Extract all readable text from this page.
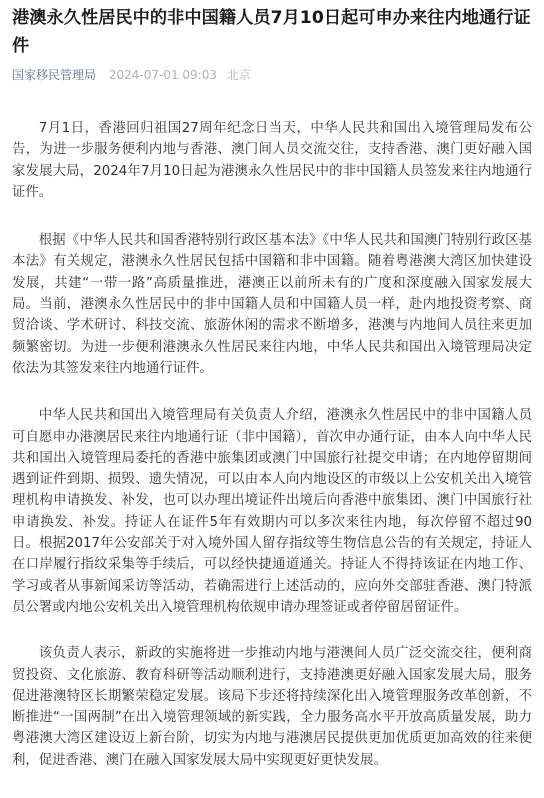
港澳永久性居民中的非中国籍人员7月10日起可申办来往内地通行证件
国家移民管理局 2024-07-01 09:03 北京

7月1日，香港回归祖国27周年纪念日当天，中华人民共和国出入境管理局发布公告，为进一步服务便利内地与香港、澳门间人员交流交往，支持香港、澳门更好融入国家发展大局，2024年7月10日起为港澳永久性居民中的非中国籍人员签发来往内地通行证件。

根据《中华人民共和国香港特别行政区基本法》《中华人民共和国澳门特别行政区基本法》有关规定，港澳永久性居民包括中国籍和非中国籍。随着粤港澳大湾区加快建设发展，共建“一带一路”高质量推进，港澳正以前所未有的广度和深度融入国家发展大局。当前，港澳永久性居民中的非中国籍人员和中国籍人员一样，赴内地投资考察、商贸洽谈、学术研讨、科技交流、旅游休闲的需求不断增多，港澳与内地间人员往来更加频繁密切。为进一步便利港澳永久性居民来往内地，中华人民共和国出入境管理局决定依法为其签发来往内地通行证件。

中华人民共和国出入境管理局有关负责人介绍，港澳永久性居民中的非中国籍人员可自愿申办港澳居民来往内地通行证（非中国籍），首次申办通行证，由本人向中华人民共和国出入境管理局委托的香港中旅集团或澳门中国旅行社提交申请；在内地停留期间遇到证件到期、损毁、遗失情况，可以由本人向内地设区的市级以上公安机关出入境管理机构申请换发、补发，也可以办理出境证件出境后向香港中旅集团、澳门中国旅行社申请换发、补发。持证人在证件5年有效期内可以多次来往内地，每次停留不超过90日。根据2017年公安部关于对入境外国人留存指纹等生物信息公告的有关规定，持证人在口岸履行指纹采集等手续后，可以经快捷通道通关。持证人不得持该证在内地工作、学习或者从事新闻采访等活动，若确需进行上述活动的，应向外交部驻香港、澳门特派员公署或内地公安机关出入境管理机构依规申请办理签证或者停留居留证件。

该负责人表示，新政的实施将进一步推动内地与港澳间人员广泛交流交往，便利商贸投资、文化旅游、教育科研等活动顺利进行，支持港澳更好融入国家发展大局，服务促进港澳特区长期繁荣稳定发展。该局下步还将持续深化出入境管理服务改革创新，不断推进“一国两制”在出入境管理领域的新实践，全力服务高水平开放高质量发展，助力粤港澳大湾区建设迈上新台阶，切实为内地与港澳居民提供更加优质更加高效的往来便利，促进香港、澳门在融入国家发展大局中实现更好更快发展。
